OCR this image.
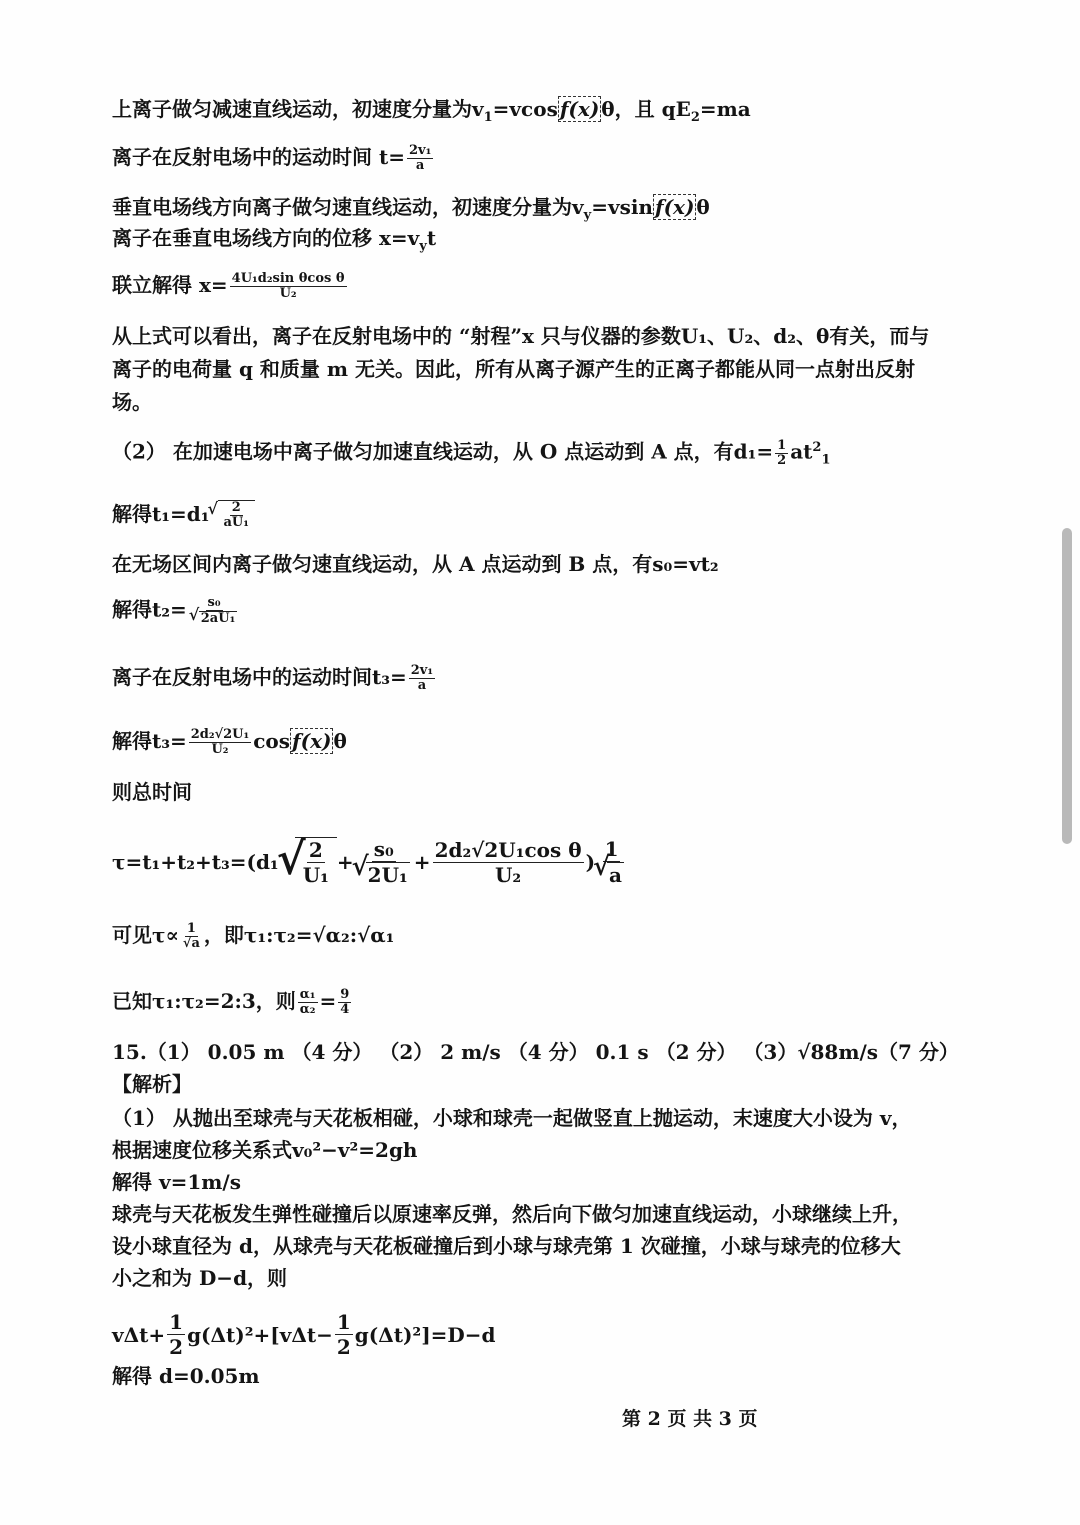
上离子做匀减速直线运动，初速度分量为$v_1=vcos$ f(x) θ，且 $qE_2=ma$
离子在反射电场中的运动时间 $t= \frac{\text{2v₁}}{a}$
垂直电场线方向离子做匀速直线运动，初速度分量为$v_y=vsin$ f(x) θ
离子在垂直电场线方向的位移 $x=v_yt$
联立解得 $x= \frac{\text{4U₁d₂sin θcos θ}}{\text{U₂}}$
从上式可以看出，离子在反射电场中的 “射程”x 只与仪器的参数U₁、U₂、d₂、θ有关，而与
离子的电荷量 q 和质量 m 无关。因此，所有从离子源产生的正离子都能从同一点射出反射
场。
（2） 在加速电场中离子做匀加速直线运动，从 O 点运动到 A 点，有$d_1= \frac{1}{2} at^2_1$
解得t₁=d₁ √ $\frac{2}{\text{aU₁}}$
在无场区间内离子做匀速直线运动，从 A 点运动到 B 点，有s₀=vt₂
解得t₂= s₀
√ 2aU₁
离子在反射电场中的运动时间$t_3= \frac{\text{2v₁}}{a}$
解得$t_3= \frac{\text{2d₂√2U₁}}{\text{U₂}}$ cos f(x) θ
则总时间
τ=t₁+t₂+t₃=(d₁ √ $\frac{2}{\text{U₁}} + s_0$
√ $2U_1 + \frac{\text{2d₂√2U₁cos θ}}{\text{U₂}}$ ) 1
√ a
可见$\tau\propto \frac{1}{√a}$ ，即τ₁:τ₂=√α₂:√α₁
已知τ₁:τ₂=2:3，则 $\frac{\text{α₁}}{\text{α₂}} = \frac{9}{4}$
15.（1） 0.05 m （4 分） （2） 2 m/s （4 分） 0.1 s （2 分） （3）√88m/s（7 分）
【解析】
（1） 从抛出至球壳与天花板相碰，小球和球壳一起做竖直上抛运动，末速度大小设为 v，
根据速度位移关系式v₀²−v²=2gh
解得 v=1m/s
球壳与天花板发生弹性碰撞后以原速率反弹，然后向下做匀加速直线运动，小球继续上升，
设小球直径为 d，从球壳与天花板碰撞后到小球与球壳第 1 次碰撞，小球与球壳的位移大
小之和为 D−d，则
$v\Delta t+ \frac{1}{2} g(\Delta t)^2+[v\Delta t- \frac{1}{2} g(\Delta t)^2]=D-d$
解得 d=0.05m
第 2 页 共 3 页
